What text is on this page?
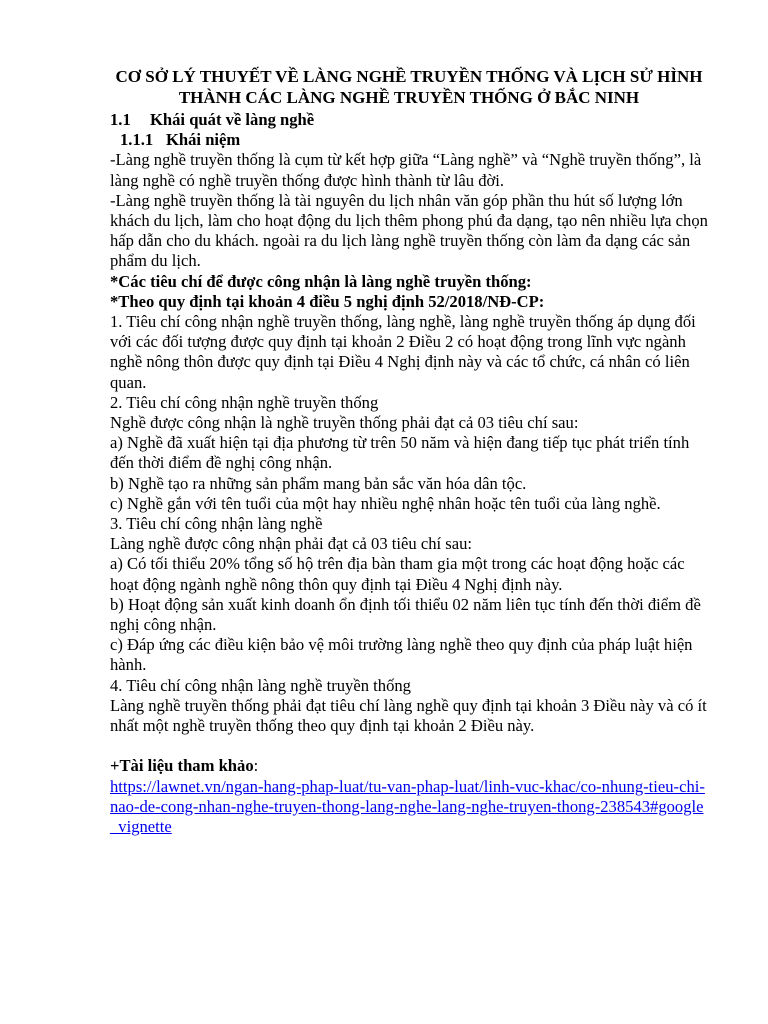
CƠ SỞ LÝ THUYẾT VỀ LÀNG NGHỀ TRUYỀN THỐNG VÀ LỊCH SỬ HÌNH THÀNH CÁC LÀNG NGHỀ TRUYỀN THỐNG Ở BẮC NINH
1.1 Khái quát về làng nghề
1.1.1 Khái niệm

-Làng nghề truyền thống là cụm từ kết hợp giữa “Làng nghề” và “Nghề truyền thống”, là làng nghề có nghề truyền thống được hình thành từ lâu đời.

-Làng nghề truyền thống là tài nguyên du lịch nhân văn góp phần thu hút số lượng lớn khách du lịch, làm cho hoạt động du lịch thêm phong phú đa dạng, tạo nên nhiều lựa chọn hấp dẫn cho du khách. ngoài ra du lịch làng nghề truyền thống còn làm đa dạng các sản phẩm du lịch.

*Các tiêu chí để được công nhận là làng nghề truyền thống:

*Theo quy định tại khoản 4 điều 5 nghị định 52/2018/NĐ-CP:

1. Tiêu chí công nhận nghề truyền thống, làng nghề, làng nghề truyền thống áp dụng đối với các đối tượng được quy định tại khoản 2 Điều 2 có hoạt động trong lĩnh vực ngành nghề nông thôn được quy định tại Điều 4 Nghị định này và các tổ chức, cá nhân có liên quan.

2. Tiêu chí công nhận nghề truyền thống

Nghề được công nhận là nghề truyền thống phải đạt cả 03 tiêu chí sau:

a) Nghề đã xuất hiện tại địa phương từ trên 50 năm và hiện đang tiếp tục phát triển tính đến thời điểm đề nghị công nhận.

b) Nghề tạo ra những sản phẩm mang bản sắc văn hóa dân tộc.

c) Nghề gắn với tên tuổi của một hay nhiều nghệ nhân hoặc tên tuổi của làng nghề.

3. Tiêu chí công nhận làng nghề

Làng nghề được công nhận phải đạt cả 03 tiêu chí sau:

a) Có tối thiểu 20% tổng số hộ trên địa bàn tham gia một trong các hoạt động hoặc các hoạt động ngành nghề nông thôn quy định tại Điều 4 Nghị định này.

b) Hoạt động sản xuất kinh doanh ổn định tối thiểu 02 năm liên tục tính đến thời điểm đề nghị công nhận.

c) Đáp ứng các điều kiện bảo vệ môi trường làng nghề theo quy định của pháp luật hiện hành.

4. Tiêu chí công nhận làng nghề truyền thống

Làng nghề truyền thống phải đạt tiêu chí làng nghề quy định tại khoản 3 Điều này và có ít nhất một nghề truyền thống theo quy định tại khoản 2 Điều này.

+Tài liệu tham khảo:
https://lawnet.vn/ngan-hang-phap-luat/tu-van-phap-luat/linh-vuc-khac/co-nhung-tieu-chi-nao-de-cong-nhan-nghe-truyen-thong-lang-nghe-lang-nghe-truyen-thong-238543#google_vignette
